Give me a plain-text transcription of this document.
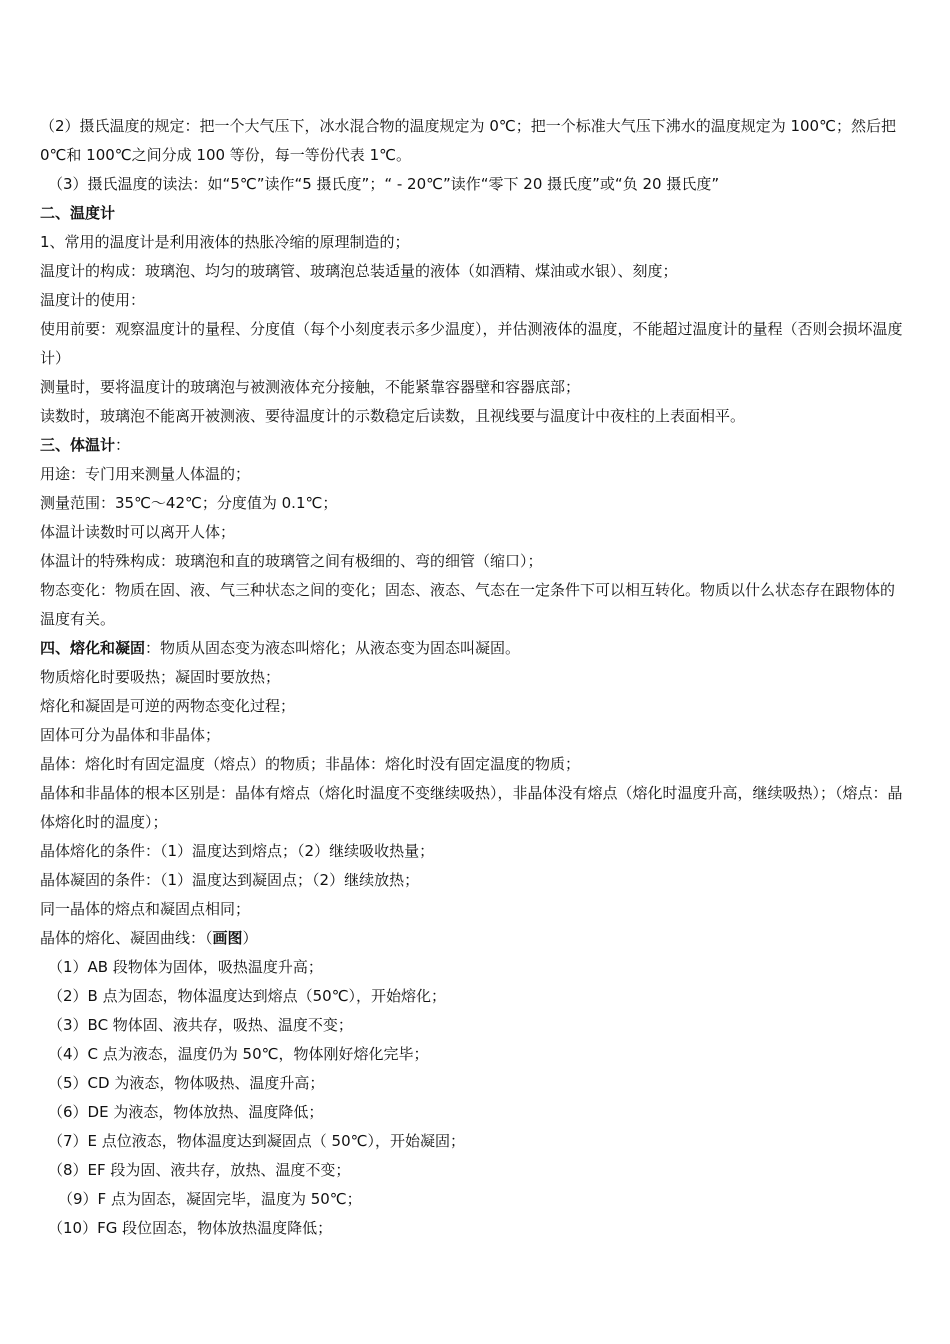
（2）摄氏温度的规定：把一个大气压下，冰水混合物的温度规定为 0℃；把一个标准大气压下沸水的温度规定为 100℃；然后把 0℃和 100℃之间分成 100 等份，每一等份代表 1℃。
（3）摄氏温度的读法：如“5℃”读作“5 摄氏度”；“ - 20℃”读作“零下 20 摄氏度”或“负 20 摄氏度”
二、温度计
1、常用的温度计是利用液体的热胀冷缩的原理制造的；
温度计的构成：玻璃泡、均匀的玻璃管、玻璃泡总装适量的液体（如酒精、煤油或水银）、刻度；
温度计的使用：
使用前要：观察温度计的量程、分度值（每个小刻度表示多少温度），并估测液体的温度，不能超过温度计的量程（否则会损坏温度计）
测量时，要将温度计的玻璃泡与被测液体充分接触，不能紧靠容器壁和容器底部；
读数时，玻璃泡不能离开被测液、要待温度计的示数稳定后读数，且视线要与温度计中夜柱的上表面相平。
三、体温计：
用途：专门用来测量人体温的；
测量范围：35℃～42℃；分度值为 0.1℃；
体温计读数时可以离开人体；
体温计的特殊构成：玻璃泡和直的玻璃管之间有极细的、弯的细管（缩口）；
物态变化：物质在固、液、气三种状态之间的变化；固态、液态、气态在一定条件下可以相互转化。物质以什么状态存在跟物体的温度有关。
四、熔化和凝固：物质从固态变为液态叫熔化；从液态变为固态叫凝固。
物质熔化时要吸热；凝固时要放热；
熔化和凝固是可逆的两物态变化过程；
固体可分为晶体和非晶体；
晶体：熔化时有固定温度（熔点）的物质；非晶体：熔化时没有固定温度的物质；
晶体和非晶体的根本区别是：晶体有熔点（熔化时温度不变继续吸热），非晶体没有熔点（熔化时温度升高，继续吸热）；（熔点：晶体熔化时的温度）；
晶体熔化的条件：（1）温度达到熔点；（2）继续吸收热量；
晶体凝固的条件：（1）温度达到凝固点；（2）继续放热；
同一晶体的熔点和凝固点相同；
晶体的熔化、凝固曲线：（画图）
（1）AB 段物体为固体，吸热温度升高；
（2）B 点为固态，物体温度达到熔点（50℃），开始熔化；
（3）BC 物体固、液共存，吸热、温度不变；
（4）C 点为液态，温度仍为 50℃，物体刚好熔化完毕；
（5）CD 为液态，物体吸热、温度升高；
（6）DE 为液态，物体放热、温度降低；
（7）E 点位液态，物体温度达到凝固点（ 50℃），开始凝固；
（8）EF 段为固、液共存，放热、温度不变；
（9）F 点为固态，凝固完毕，温度为 50℃；
（10）FG 段位固态，物体放热温度降低；
